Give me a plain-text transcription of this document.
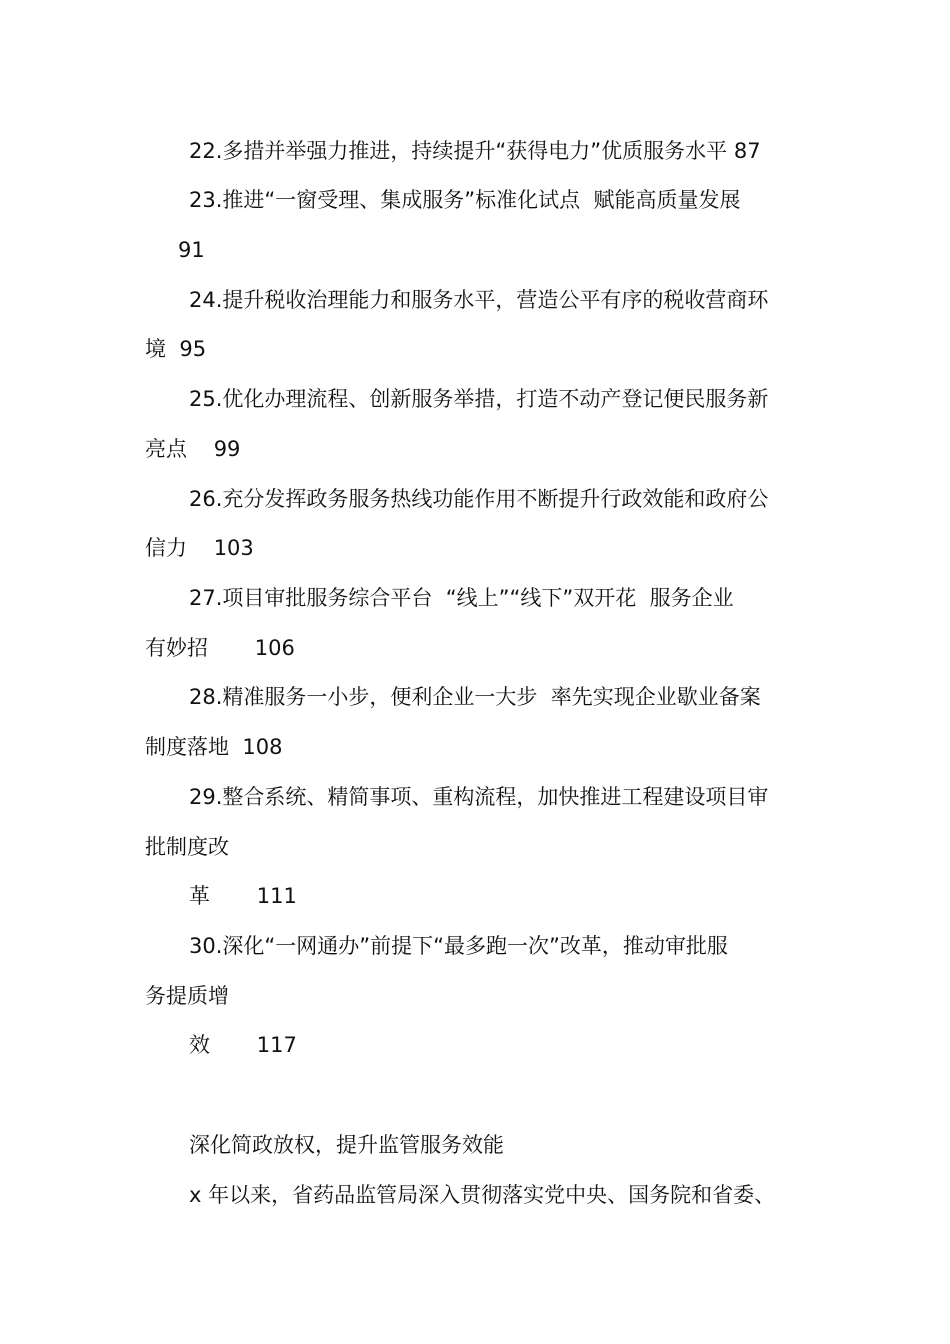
22.多措并举强力推进，持续提升“获得电力”优质服务水平 87

23.推进“一窗受理、集成服务”标准化试点  赋能高质量发展

91

24.提升税收治理能力和服务水平，营造公平有序的税收营商环

境  95

25.优化办理流程、创新服务举措，打造不动产登记便民服务新

亮点    99

26.充分发挥政务服务热线功能作用不断提升行政效能和政府公

信力    103

27.项目审批服务综合平台  “线上”“线下”双开花  服务企业

有妙招       106

28.精准服务一小步，便利企业一大步  率先实现企业歇业备案

制度落地  108

29.整合系统、精简事项、重构流程，加快推进工程建设项目审

批制度改

革       111

30.深化“一网通办”前提下“最多跑一次”改革，推动审批服

务提质增

效       117

深化简政放权，提升监管服务效能

x 年以来，省药品监管局深入贯彻落实党中央、国务院和省委、
